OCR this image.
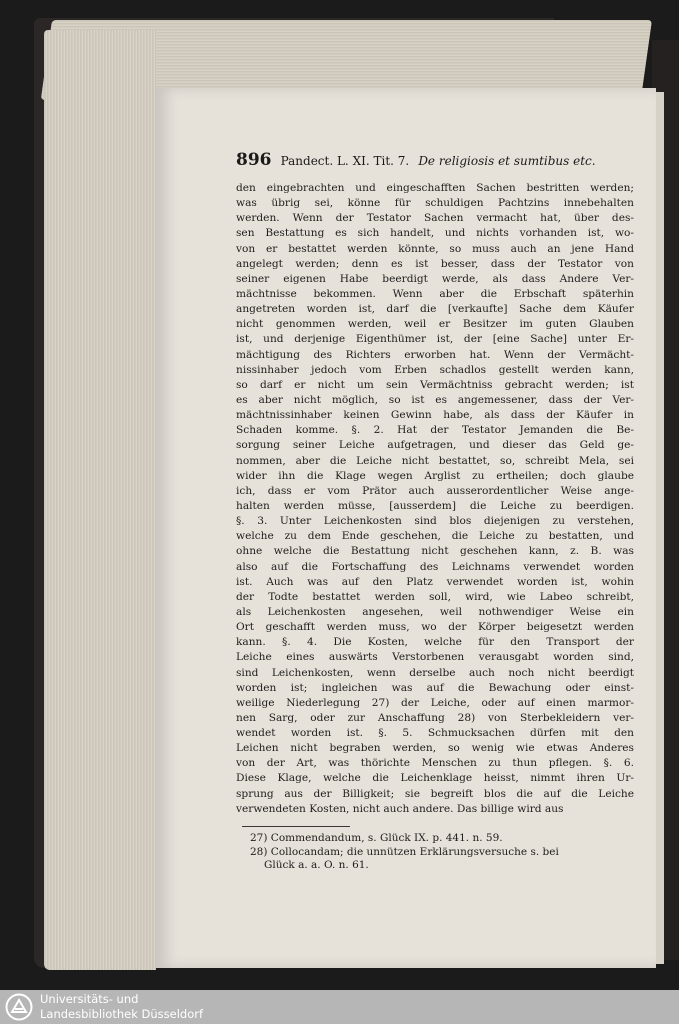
896 Pandect. L. XI. Tit. 7. De religiosis et sumtibus etc.
den eingebrachten und eingeschafften Sachen bestritten werden;
was übrig sei, könne für schuldigen Pachtzins innebehalten
werden. Wenn der Testator Sachen vermacht hat, über des-
sen Bestattung es sich handelt, und nichts vorhanden ist, wo-
von er bestattet werden könnte, so muss auch an jene Hand
angelegt werden; denn es ist besser, dass der Testator von
seiner eigenen Habe beerdigt werde, als dass Andere Ver-
mächtnisse bekommen. Wenn aber die Erbschaft späterhin
angetreten worden ist, darf die [verkaufte] Sache dem Käufer
nicht genommen werden, weil er Besitzer im guten Glauben
ist, und derjenige Eigenthümer ist, der [eine Sache] unter Er-
mächtigung des Richters erworben hat. Wenn der Vermächt-
nissinhaber jedoch vom Erben schadlos gestellt werden kann,
so darf er nicht um sein Vermächtniss gebracht werden; ist
es aber nicht möglich, so ist es angemessener, dass der Ver-
mächtnissinhaber keinen Gewinn habe, als dass der Käufer in
Schaden komme. §. 2. Hat der Testator Jemanden die Be-
sorgung seiner Leiche aufgetragen, und dieser das Geld ge-
nommen, aber die Leiche nicht bestattet, so, schreibt Mela, sei
wider ihn die Klage wegen Arglist zu ertheilen; doch glaube
ich, dass er vom Prätor auch ausserordentlicher Weise ange-
halten werden müsse, [ausserdem] die Leiche zu beerdigen.
§. 3. Unter Leichenkosten sind blos diejenigen zu verstehen,
welche zu dem Ende geschehen, die Leiche zu bestatten, und
ohne welche die Bestattung nicht geschehen kann, z. B. was
also auf die Fortschaffung des Leichnams verwendet worden
ist. Auch was auf den Platz verwendet worden ist, wohin
der Todte bestattet werden soll, wird, wie Labeo schreibt,
als Leichenkosten angesehen, weil nothwendiger Weise ein
Ort geschafft werden muss, wo der Körper beigesetzt werden
kann. §. 4. Die Kosten, welche für den Transport der
Leiche eines auswärts Verstorbenen verausgabt worden sind,
sind Leichenkosten, wenn derselbe auch noch nicht beerdigt
worden ist; ingleichen was auf die Bewachung oder einst-
weilige Niederlegung 27) der Leiche, oder auf einen marmor-
nen Sarg, oder zur Anschaffung 28) von Sterbekleidern ver-
wendet worden ist. §. 5. Schmucksachen dürfen mit den
Leichen nicht begraben werden, so wenig wie etwas Anderes
von der Art, was thörichte Menschen zu thun pflegen. §. 6.
Diese Klage, welche die Leichenklage heisst, nimmt ihren Ur-
sprung aus der Billigkeit; sie begreift blos die auf die Leiche
verwendeten Kosten, nicht auch andere. Das billige wird aus
27) Commendandum, s. Glück IX. p. 441. n. 59.
28) Collocandam; die unnützen Erklärungsversuche s. bei
Glück a. a. O. n. 61.
Universitäts- und
Landesbibliothek Düsseldorf
